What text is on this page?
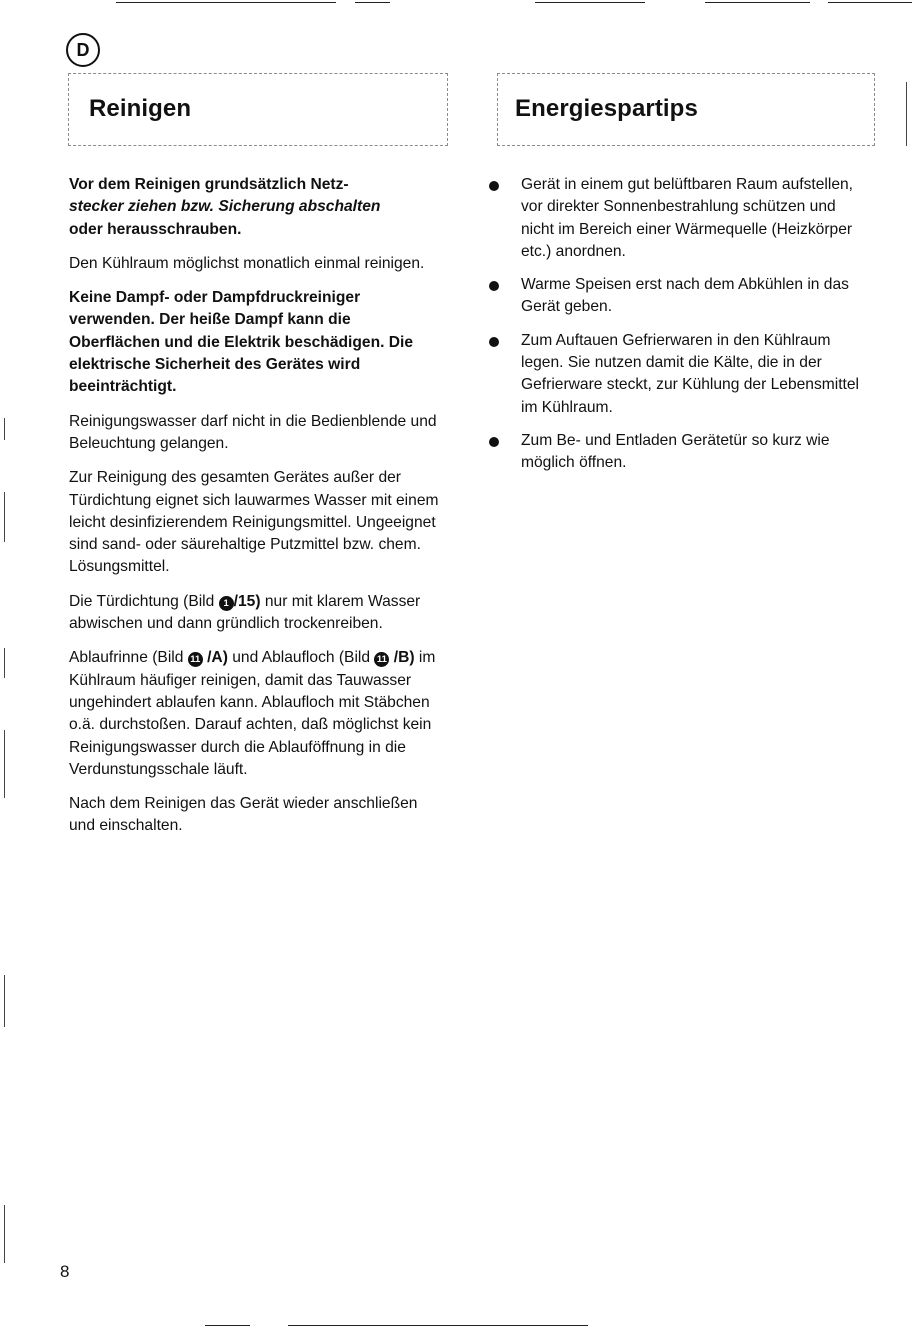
D
Reinigen	Energiespartips

Vor dem Reinigen grundsätzlich Netz-
stecker ziehen bzw. Sicherung abschalten
oder herausschrauben.

Den Kühlraum möglichst monatlich einmal reinigen.

Keine Dampf- oder Dampfdruckreiniger verwenden. Der heiße Dampf kann die Oberflächen und die Elektrik beschädigen. Die elektrische Sicherheit des Gerätes wird beeinträchtigt.

Reinigungswasser darf nicht in die Bedienblende und Beleuchtung gelangen.

Zur Reinigung des gesamten Gerätes außer der Türdichtung eignet sich lauwarmes Wasser mit einem leicht desinfizierendem Reinigungsmittel. Ungeeignet sind sand- oder säurehaltige Putzmittel bzw. chem. Lösungsmittel.

Die Türdichtung (Bild 1 /15) nur mit klarem Wasser abwischen und dann gründlich trockenreiben.

Ablaufrinne (Bild 11 /A) und Ablaufloch (Bild 11 /B) im Kühlraum häufiger reinigen, damit das Tauwasser ungehindert ablaufen kann. Ablaufloch mit Stäbchen o.ä. durchstoßen. Darauf achten, daß möglichst kein Reinigungswasser durch die Ablauföffnung in die Verdunstungsschale läuft.

Nach dem Reinigen das Gerät wieder anschließen und einschalten.

Gerät in einem gut belüftbaren Raum aufstellen, vor direkter Sonnenbestrahlung schützen und nicht im Bereich einer Wärmequelle (Heizkörper etc.) anordnen.
Warme Speisen erst nach dem Abkühlen in das Gerät geben.
Zum Auftauen Gefrierwaren in den Kühlraum legen. Sie nutzen damit die Kälte, die in der Gefrierware steckt, zur Kühlung der Lebensmittel im Kühlraum.
Zum Be- und Entladen Gerätetür so kurz wie möglich öffnen.
8
